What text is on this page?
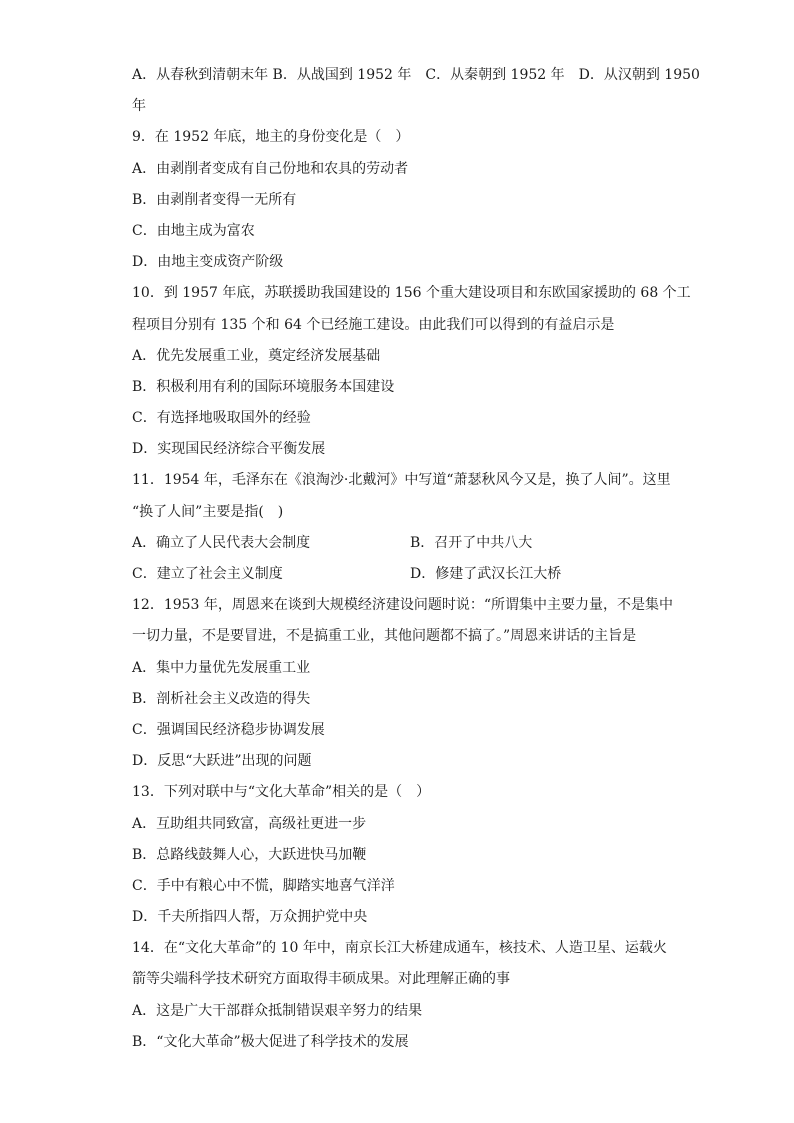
A．从春秋到清朝末年 B．从战国到 1952 年　C．从秦朝到 1952 年　D．从汉朝到 1950
年
9．在 1952 年底，地主的身份变化是（　）
A．由剥削者变成有自己份地和农具的劳动者
B．由剥削者变得一无所有
C．由地主成为富农
D．由地主变成资产阶级
10．到 1957 年底，苏联援助我国建设的 156 个重大建设项目和东欧国家援助的 68 个工
程项目分别有 135 个和 64 个已经施工建设。由此我们可以得到的有益启示是
A．优先发展重工业，奠定经济发展基础
B．积极利用有利的国际环境服务本国建设
C．有选择地吸取国外的经验
D．实现国民经济综合平衡发展
11．1954 年，毛泽东在《浪淘沙·北戴河》中写道“萧瑟秋风今又是，换了人间”。这里
“换了人间”主要是指(　)
A．确立了人民代表大会制度	B．召开了中共八大
C．建立了社会主义制度	D．修建了武汉长江大桥
12．1953 年，周恩来在谈到大规模经济建设问题时说：“所谓集中主要力量，不是集中
一切力量，不是要冒进，不是搞重工业，其他问题都不搞了。”周恩来讲话的主旨是
A．集中力量优先发展重工业
B．剖析社会主义改造的得失
C．强调国民经济稳步协调发展
D．反思“大跃进”出现的问题
13．下列对联中与“文化大革命”相关的是（　）
A．互助组共同致富，高级社更进一步
B．总路线鼓舞人心，大跃进快马加鞭
C．手中有粮心中不慌，脚踏实地喜气洋洋
D．千夫所指四人帮，万众拥护党中央
14．在“文化大革命”的 10 年中，南京长江大桥建成通车，核技术、人造卫星、运载火
箭等尖端科学技术研究方面取得丰硕成果。对此理解正确的事
A．这是广大干部群众抵制错误艰辛努力的结果
B．“文化大革命”极大促进了科学技术的发展
